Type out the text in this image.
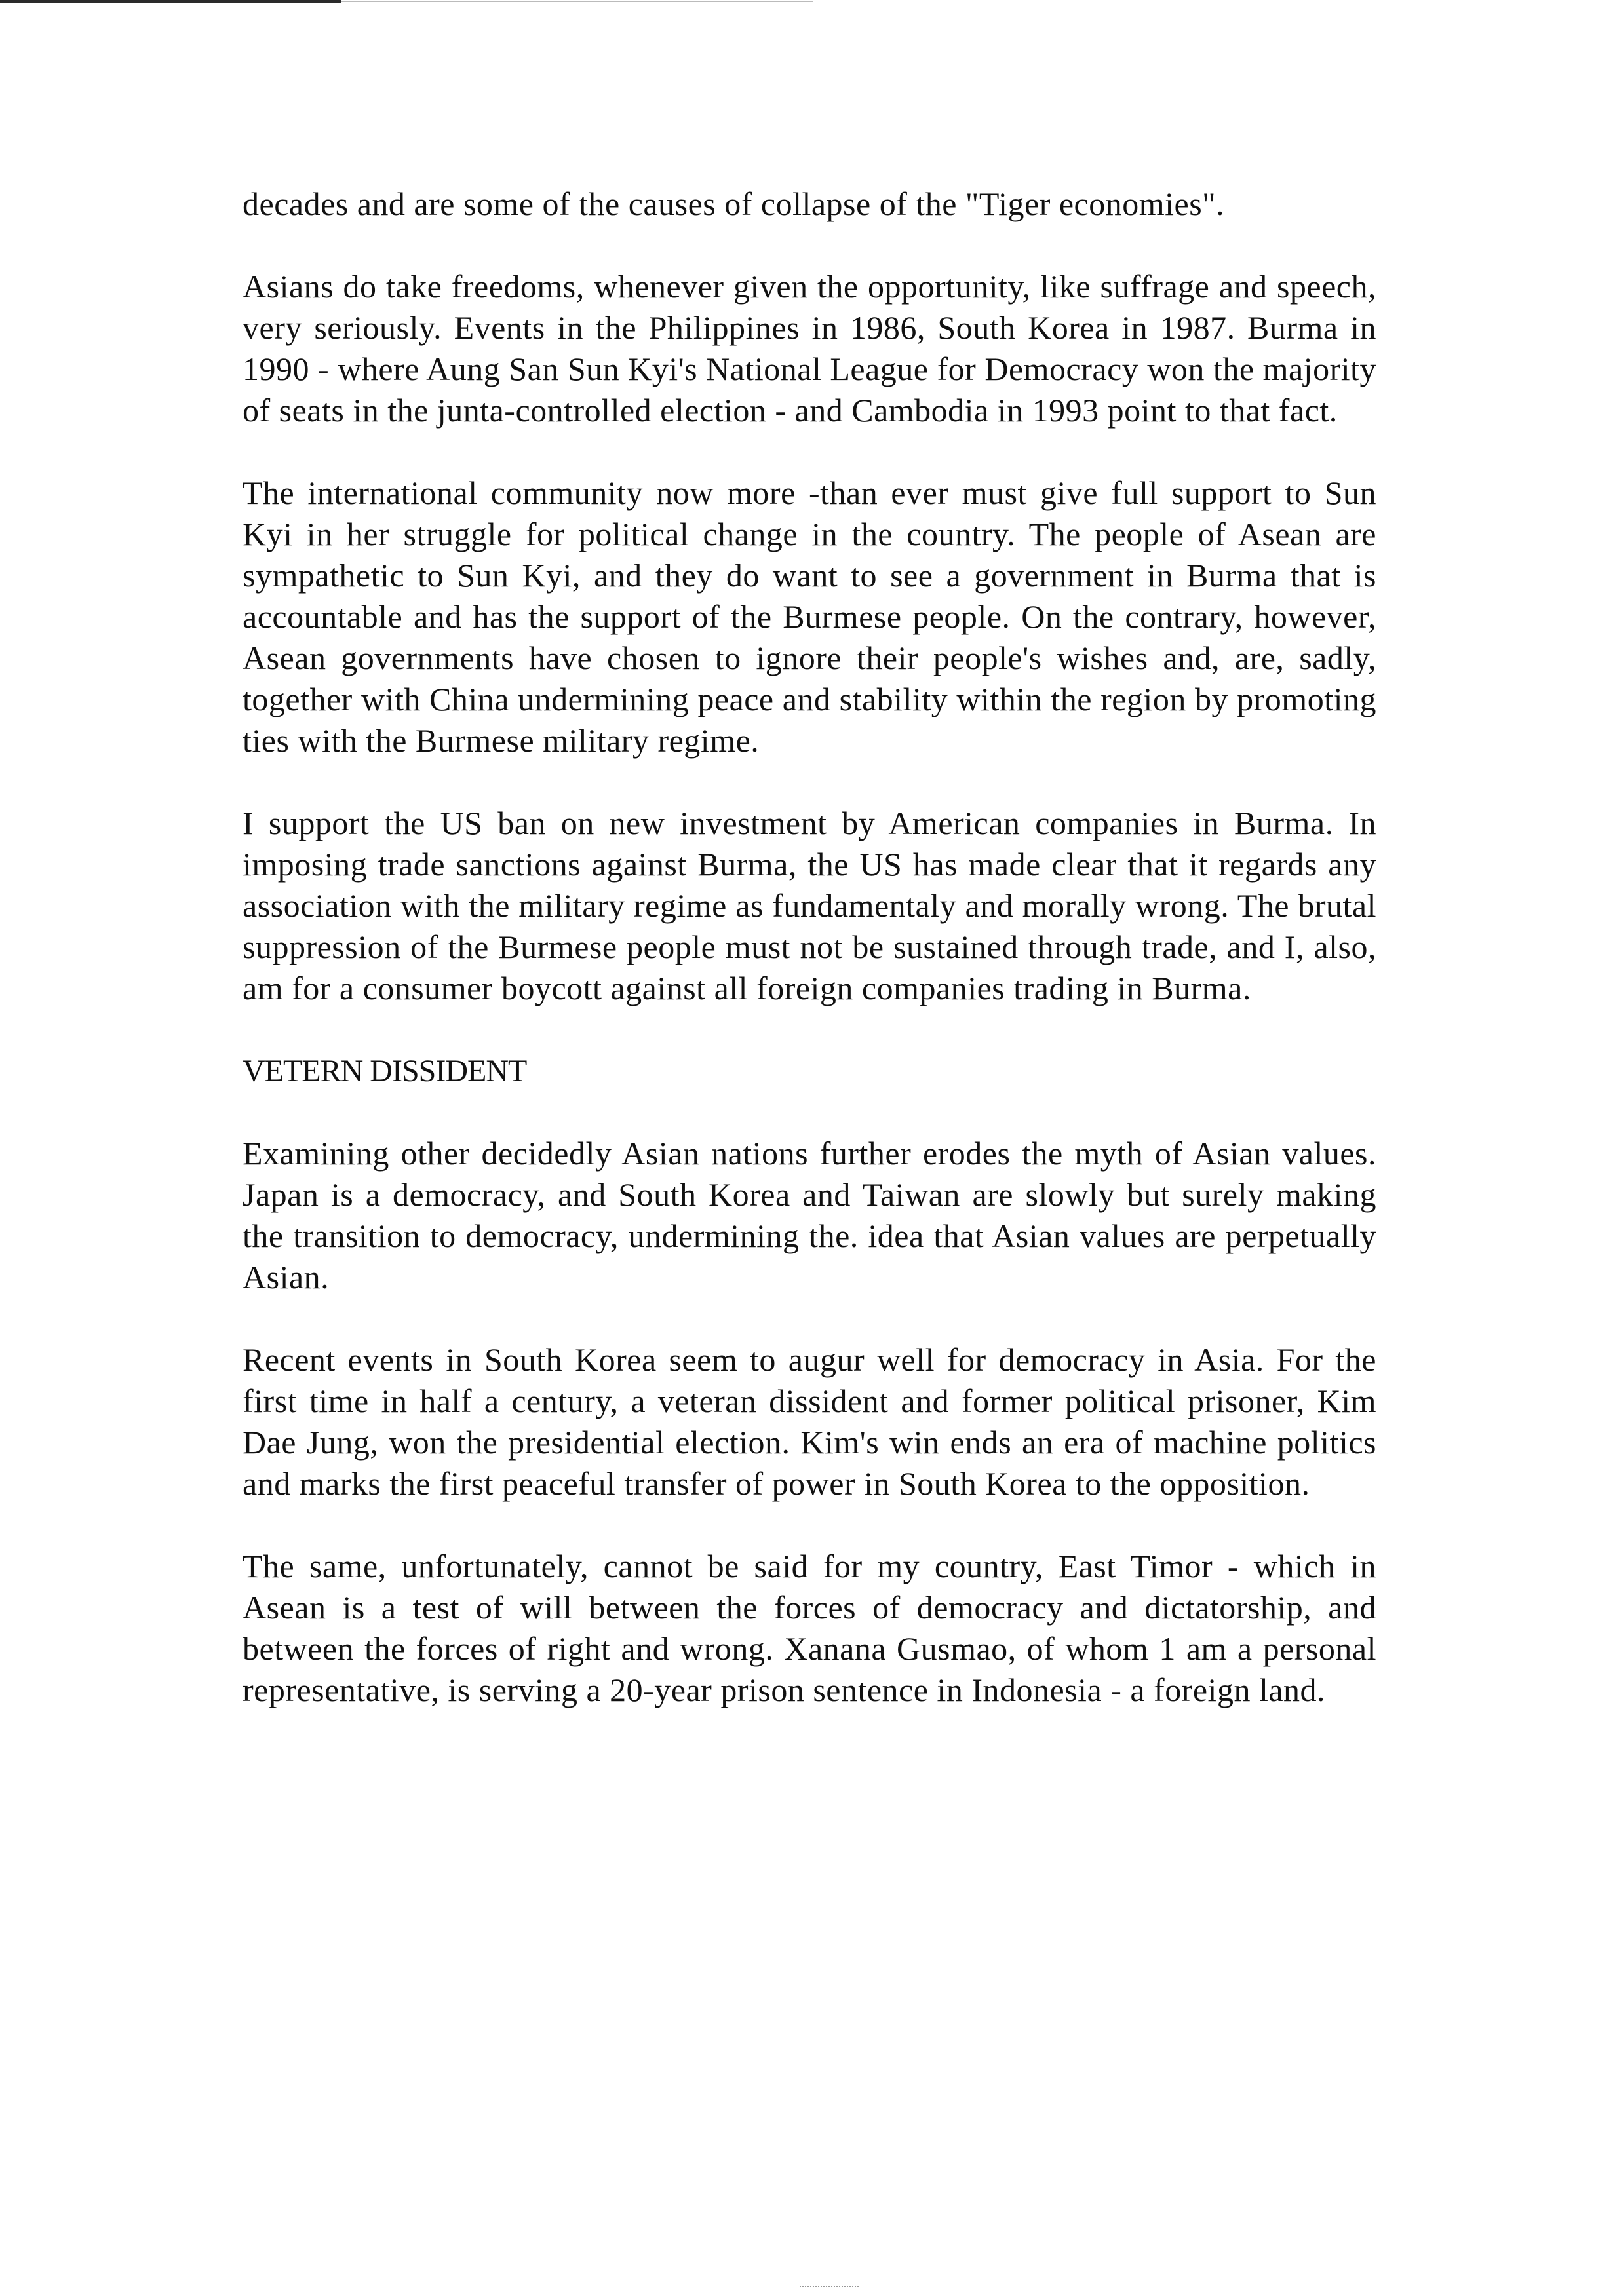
decades and are some of the causes of collapse of the "Tiger economies".

Asians do take freedoms, whenever given the opportunity, like suffrage and speech, very seriously. Events in the Philippines in 1986, South Korea in 1987. Burma in 1990 - where Aung San Sun Kyi's National League for Democracy won the majority of seats in the junta-controlled election - and Cambodia in 1993 point to that fact.

The international community now more -than ever must give full support to Sun Kyi in her struggle for political change in the country. The people of Asean are sympathetic to Sun Kyi, and they do want to see a government in Burma that is accountable and has the support of the Burmese people. On the contrary, however, Asean governments have chosen to ignore their people's wishes and, are, sadly, together with China undermining peace and stability within the region by promoting ties with the Burmese military regime.

I support the US ban on new investment by American companies in Burma. In imposing trade sanctions against Burma, the US has made clear that it regards any association with the military regime as fundamentaly and morally wrong. The brutal suppression of the Burmese people must not be sustained through trade, and I, also, am for a consumer boycott against all foreign companies trading in Burma.

VETERN DISSIDENT

Examining other decidedly Asian nations further erodes the myth of Asian values. Japan is a democracy, and South Korea and Taiwan are slowly but surely making the transition to democracy, undermining the. idea that Asian values are perpetually Asian.

Recent events in South Korea seem to augur well for democracy in Asia. For the first time in half a century, a veteran dissident and former political prisoner, Kim Dae Jung, won the presidential election. Kim's win ends an era of machine politics and marks the first peaceful transfer of power in South Korea to the opposition.

The same, unfortunately, cannot be said for my country, East Timor - which in Asean is a test of will between the forces of democracy and dictatorship, and between the forces of right and wrong. Xanana Gusmao, of whom 1 am a personal representative, is serving a 20-year prison sentence in Indonesia - a foreign land.
